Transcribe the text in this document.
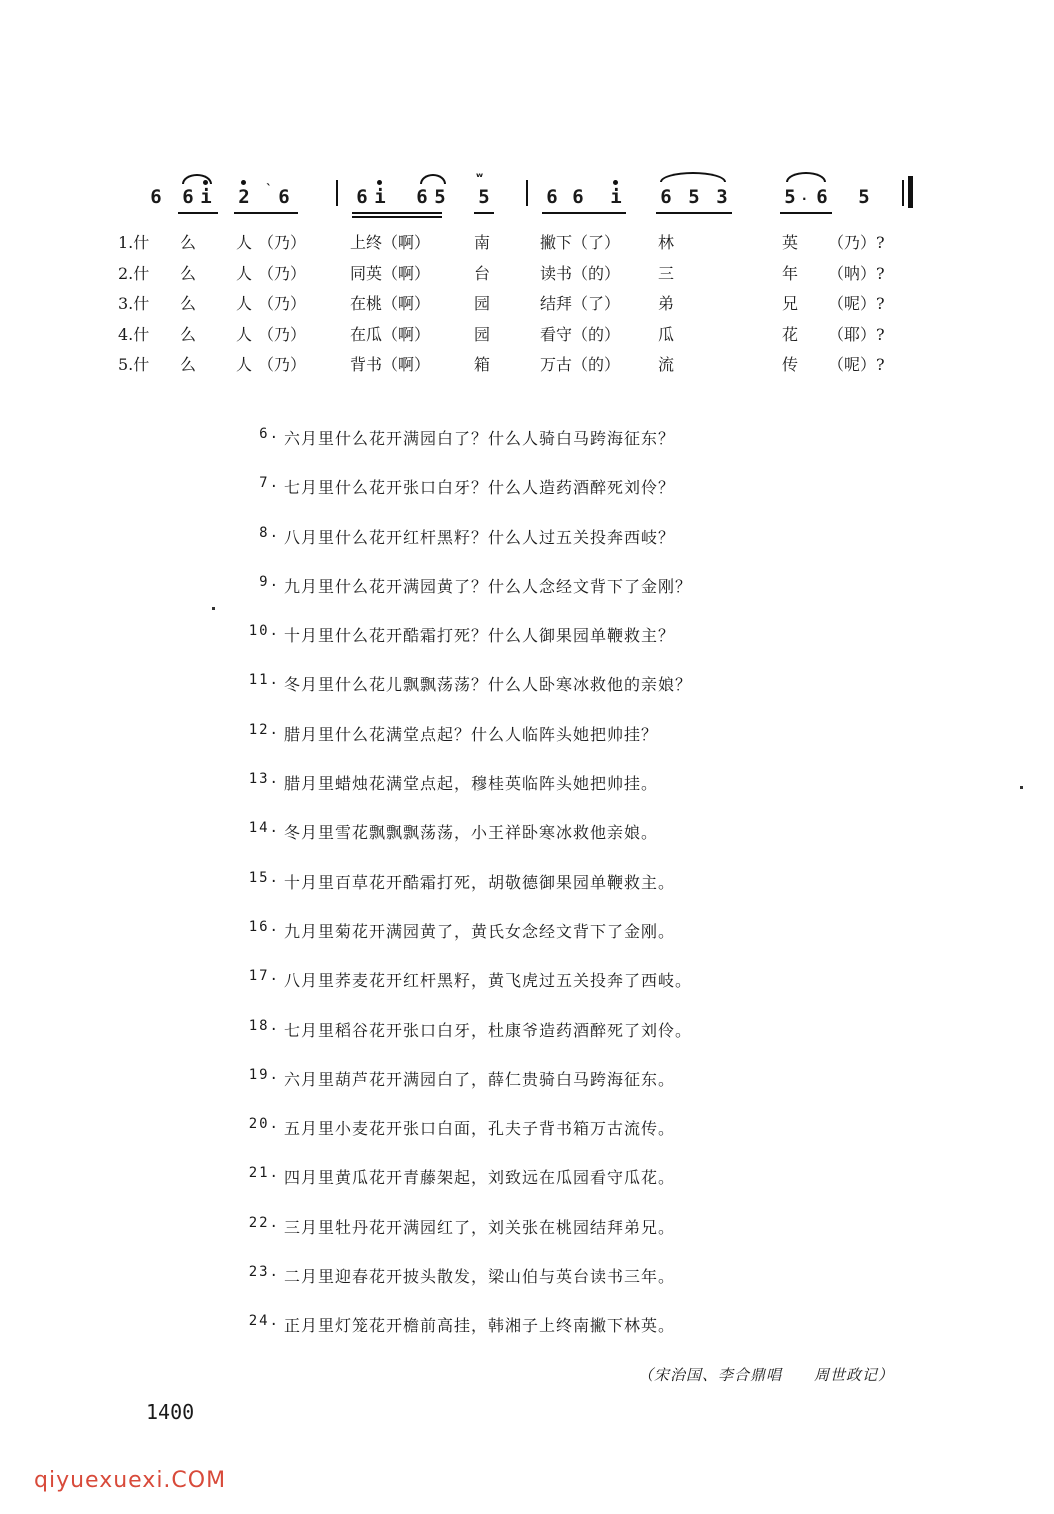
6 6 i 2	ˋ 6	6 i 6 5
ʷ
5	6 6 i 6 5 3	5 · 6 5
1.什 么 人 （乃）	上终（啊）	南	撇下（了） 林	英 （乃）?
2.什 么 人 （乃）	同英（啊）	台	读书（的） 三	年 （呐）?
3.什 么 人 （乃）	在桃（啊）	园	结拜（了） 弟	兄 （呢）?
4.什 么 人 （乃）	在瓜（啊）	园	看守（的） 瓜	花 （耶）?
5.什 么 人 （乃）	背书（啊）	箱	万古（的） 流	传 （呢）?
6. 六月里什么花开满园白了？什么人骑白马跨海征东？
7. 七月里什么花开张口白牙？什么人造药酒醉死刘伶？
8. 八月里什么花开红杆黑籽？什么人过五关投奔西岐？
9. 九月里什么花开满园黄了？什么人念经文背下了金刚？
10. 十月里什么花开酷霜打死？什么人御果园单鞭救主？
11. 冬月里什么花儿飘飘荡荡？什么人卧寒冰救他的亲娘？
12. 腊月里什么花满堂点起？什么人临阵头她把帅挂？
13. 腊月里蜡烛花满堂点起，穆桂英临阵头她把帅挂。
14. 冬月里雪花飘飘飘荡荡，小王祥卧寒冰救他亲娘。
15. 十月里百草花开酷霜打死，胡敬德御果园单鞭救主。
16. 九月里菊花开满园黄了，黄氏女念经文背下了金刚。
17. 八月里荞麦花开红杆黑籽，黄飞虎过五关投奔了西岐。
18. 七月里稻谷花开张口白牙，杜康爷造药酒醉死了刘伶。
19. 六月里葫芦花开满园白了，薛仁贵骑白马跨海征东。
20. 五月里小麦花开张口白面，孔夫子背书箱万古流传。
21. 四月里黄瓜花开青藤架起，刘致远在瓜园看守瓜花。
22. 三月里牡丹花开满园红了，刘关张在桃园结拜弟兄。
23. 二月里迎春花开披头散发，梁山伯与英台读书三年。
24. 正月里灯笼花开檐前高挂，韩湘子上终南撇下林英。
（宋治国、李合鼎唱　　周世政记）
1400
qiyuexuexi.COM
